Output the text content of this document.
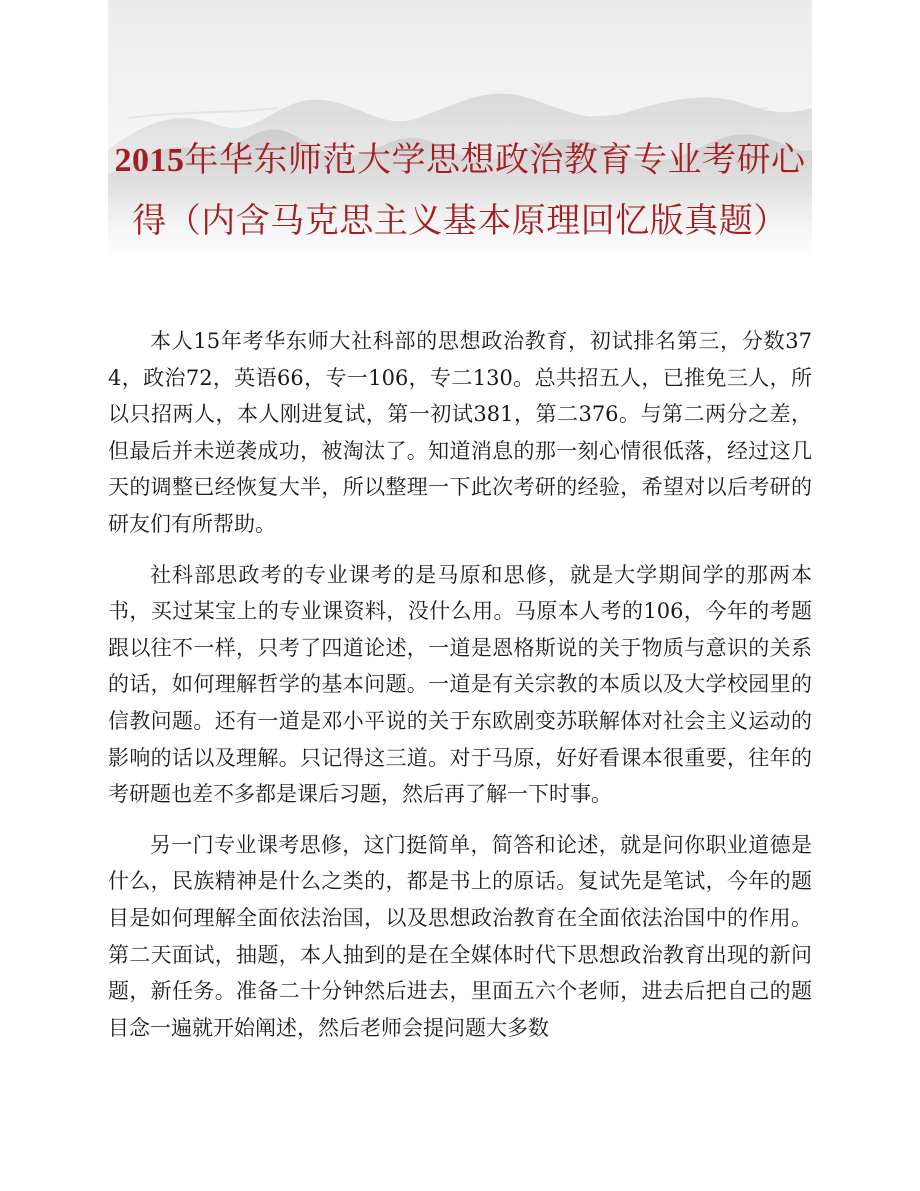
2015年华东师范大学思想政治教育专业考研心得（内含马克思主义基本原理回忆版真题）

本人15年考华东师大社科部的思想政治教育，初试排名第三，分数374，政治72，英语66，专一106，专二130。总共招五人，已推免三人，所以只招两人，本人刚进复试，第一初试381，第二376。与第二两分之差，但最后并未逆袭成功，被淘汰了。知道消息的那一刻心情很低落，经过这几天的调整已经恢复大半，所以整理一下此次考研的经验，希望对以后考研的研友们有所帮助。

社科部思政考的专业课考的是马原和思修，就是大学期间学的那两本书，买过某宝上的专业课资料，没什么用。马原本人考的106，今年的考题跟以往不一样，只考了四道论述，一道是恩格斯说的关于物质与意识的关系的话，如何理解哲学的基本问题。一道是有关宗教的本质以及大学校园里的信教问题。还有一道是邓小平说的关于东欧剧变苏联解体对社会主义运动的影响的话以及理解。只记得这三道。对于马原，好好看课本很重要，往年的考研题也差不多都是课后习题，然后再了解一下时事。

另一门专业课考思修，这门挺简单，简答和论述，就是问你职业道德是什么，民族精神是什么之类的，都是书上的原话。复试先是笔试，今年的题目是如何理解全面依法治国，以及思想政治教育在全面依法治国中的作用。第二天面试，抽题，本人抽到的是在全媒体时代下思想政治教育出现的新问题，新任务。准备二十分钟然后进去，里面五六个老师，进去后把自己的题目念一遍就开始阐述，然后老师会提问题大多数
